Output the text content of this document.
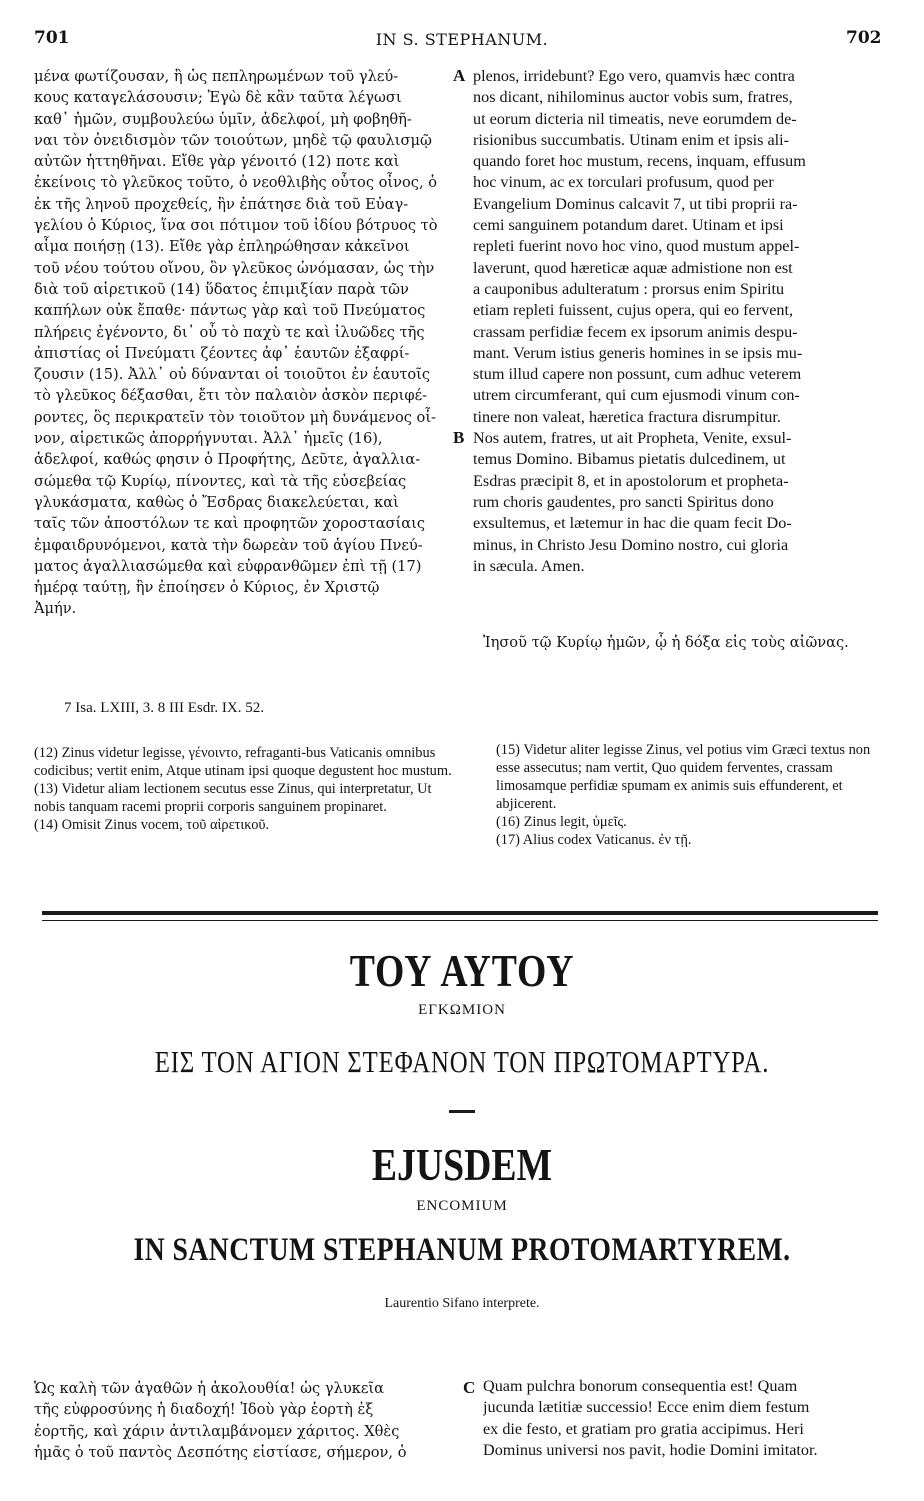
701	IN S. STEPHANUM.	702
μένα φωτίζουσαν, ἢ ὡς πεπληρωμένων τοῦ γλεύ-
κους καταγελάσουσιν; Ἐγὼ δὲ κἂν ταῦτα λέγωσι
καθ᾽ ἡμῶν, συμβουλεύω ὑμῖν, ἀδελφοί, μὴ φοβηθῆ-
ναι τὸν ὀνειδισμὸν τῶν τοιούτων, μηδὲ τῷ φαυλισμῷ
αὐτῶν ἡττηθῆναι. Εἴθε γὰρ γένοιτό (12) ποτε καὶ
ἐκείνοις τὸ γλεῦκος τοῦτο, ὁ νεοθλιβὴς οὗτος οἶνος, ὁ
ἐκ τῆς ληνοῦ προχεθείς, ἣν ἐπάτησε διὰ τοῦ Εὐαγ-
γελίου ὁ Κύριος, ἵνα σοι πότιμον τοῦ ἰδίου βότρυος τὸ
αἷμα ποιήσῃ (13). Εἴθε γὰρ ἐπληρώθησαν κἀκεῖνοι
τοῦ νέου τούτου οἴνου, ὃν γλεῦκος ὠνόμασαν, ὡς τὴν
διὰ τοῦ αἱρετικοῦ (14) ὕδατος ἐπιμιξίαν παρὰ τῶν
καπήλων οὐκ ἔπαθε· πάντως γὰρ καὶ τοῦ Πνεύματος
πλήρεις ἐγένοντο, δι᾽ οὗ τὸ παχὺ τε καὶ ἰλυῶδες τῆς
ἀπιστίας οἱ Πνεύματι ζέοντες ἀφ᾽ ἑαυτῶν ἐξαφρί-
ζουσιν (15). Ἀλλ᾽ οὐ δύνανται οἱ τοιοῦτοι ἐν ἑαυτοῖς
τὸ γλεῦκος δέξασθαι, ἔτι τὸν παλαιὸν ἀσκὸν περιφέ-
ροντες, ὃς περικρατεῖν τὸν τοιοῦτον μὴ δυνάμενος οἶ-
νον, αἱρετικῶς ἀπορρήγνυται. Ἀλλ᾽ ἡμεῖς (16),
ἀδελφοί, καθώς φησιν ὁ Προφήτης, Δεῦτε, ἀγαλλια-
σώμεθα τῷ Κυρίῳ, πίνοντες, καὶ τὰ τῆς εὐσεβείας
γλυκάσματα, καθὼς ὁ Ἔσδρας διακελεύεται, καὶ
ταῖς τῶν ἀποστόλων τε καὶ προφητῶν χοροστασίαις
ἐμφαιδρυνόμενοι, κατὰ τὴν δωρεὰν τοῦ ἁγίου Πνεύ-
ματος ἀγαλλιασώμεθα καὶ εὐφρανθῶμεν ἐπὶ τῇ (17)
ἡμέρᾳ ταύτῃ, ἣν ἐποίησεν ὁ Κύριος, ἐν Χριστῷ
Ἀμήν.
Ἰησοῦ τῷ Κυρίῳ ἡμῶν, ᾧ ἡ δόξα εἰς τοὺς αἰῶνας.
plenos, irridebunt? Ego vero, quamvis hæc contra
nos dicant, nihilominus auctor vobis sum, fratres,
ut eorum dicteria nil timeatis, neve eorumdem de-
risionibus succumbatis. Utinam enim et ipsis ali-
quando foret hoc mustum, recens, inquam, effusum
hoc vinum, ac ex torculari profusum, quod per
Evangelium Dominus calcavit 7, ut tibi proprii ra-
cemi sanguinem potandum daret. Utinam et ipsi
repleti fuerint novo hoc vino, quod mustum appel-
laverunt, quod hæreticæ aquæ admistione non est
a cauponibus adulteratum : prorsus enim Spiritu
etiam repleti fuissent, cujus opera, qui eo fervent,
crassam perfidiæ fecem ex ipsorum animis despu-
mant. Verum istius generis homines in se ipsis mu-
stum illud capere non possunt, cum adhuc veterem
utrem circumferant, qui cum ejusmodi vinum con-
tinere non valeat, hæretica fractura disrumpitur.
Nos autem, fratres, ut ait Propheta, Venite, exsul-
temus Domino. Bibamus pietatis dulcedinem, ut
Esdras præcipit 8, et in apostolorum et propheta-
rum choris gaudentes, pro sancti Spiritus dono
exsultemus, et lætemur in hac die quam fecit Do-
minus, in Christo Jesu Domino nostro, cui gloria
in sæcula. Amen.
A
B
C
7 Isa. LXIII, 3. 8 III Esdr. IX. 52.

(12) Zinus videtur legisse, γένοιντο, refraganti-bus Vaticanis omnibus codicibus; vertit enim, Atque utinam ipsi quoque degustent hoc mustum.

(13) Videtur aliam lectionem secutus esse Zinus, qui interpretatur, Ut nobis tanquam racemi proprii corporis sanguinem propinaret.

(14) Omisit Zinus vocem, τοῦ αἱρετικοῦ.

(15) Videtur aliter legisse Zinus, vel potius vim Græci textus non esse assecutus; nam vertit, Quo quidem ferventes, crassam limosamque perfidiæ spumam ex animis suis effunderent, et abjicerent.

(16) Zinus legit, ὑμεῖς.

(17) Alius codex Vaticanus. ἐν τῇ.

ΤΟΥ ΑΥΤΟΥ
ΕΓΚΩΜΙΟΝ
ΕΙΣ ΤΟΝ ΑΓΙΟΝ ΣΤΕΦΑΝΟΝ ΤΟΝ ΠΡΩΤΟΜΑΡΤΥΡΑ.
EJUSDEM
ENCOMIUM
IN SANCTUM STEPHANUM PROTOMARTYREM.
Laurentio Sifano interprete.
Ὡς καλὴ τῶν ἀγαθῶν ἡ ἀκολουθία! ὡς γλυκεῖα
τῆς εὐφροσύνης ἡ διαδοχή! Ἰδοὺ γὰρ ἑορτὴ ἐξ
ἑορτῆς, καὶ χάριν ἀντιλαμβάνομεν χάριτος. Χθὲς
ἡμᾶς ὁ τοῦ παντὸς Δεσπότης εἱστίασε, σήμερον, ὁ
Quam pulchra bonorum consequentia est! Quam
jucunda lætitiæ successio! Ecce enim diem festum
ex die festo, et gratiam pro gratia accipimus. Heri
Dominus universi nos pavit, hodie Domini imitator.
